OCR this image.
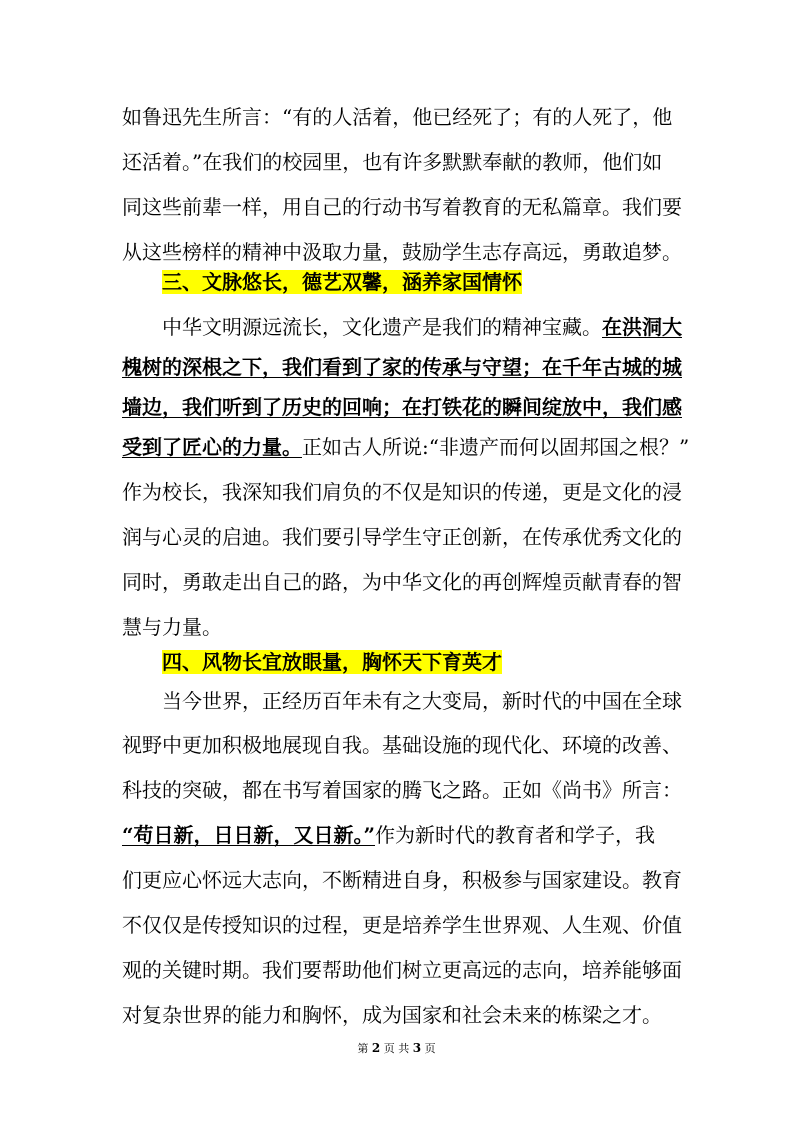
如鲁迅先生所言：“有的人活着，他已经死了；有的人死了，他
还活着。”在我们的校园里，也有许多默默奉献的教师，他们如
同这些前辈一样，用自己的行动书写着教育的无私篇章。我们要
从这些榜样的精神中汲取力量，鼓励学生志存高远，勇敢追梦。
三、文脉悠长，德艺双馨，涵养家国情怀
中华文明源远流长，文化遗产是我们的精神宝藏。在洪洞大
槐树的深根之下，我们看到了家的传承与守望；在千年古城的城
墙边，我们听到了历史的回响；在打铁花的瞬间绽放中，我们感
受到了匠心的力量。正如古人所说:“非遗产而何以固邦国之根？”
作为校长，我深知我们肩负的不仅是知识的传递，更是文化的浸
润与心灵的启迪。我们要引导学生守正创新，在传承优秀文化的
同时，勇敢走出自己的路，为中华文化的再创辉煌贡献青春的智
慧与力量。
四、风物长宜放眼量，胸怀天下育英才
当今世界，正经历百年未有之大变局，新时代的中国在全球
视野中更加积极地展现自我。基础设施的现代化、环境的改善、
科技的突破，都在书写着国家的腾飞之路。正如《尚书》所言：
“苟日新，日日新，又日新。”作为新时代的教育者和学子，我
们更应心怀远大志向，不断精进自身，积极参与国家建设。教育
不仅仅是传授知识的过程，更是培养学生世界观、人生观、价值
观的关键时期。我们要帮助他们树立更高远的志向，培养能够面
对复杂世界的能力和胸怀，成为国家和社会未来的栋梁之才。
第 2 页 共 3 页
